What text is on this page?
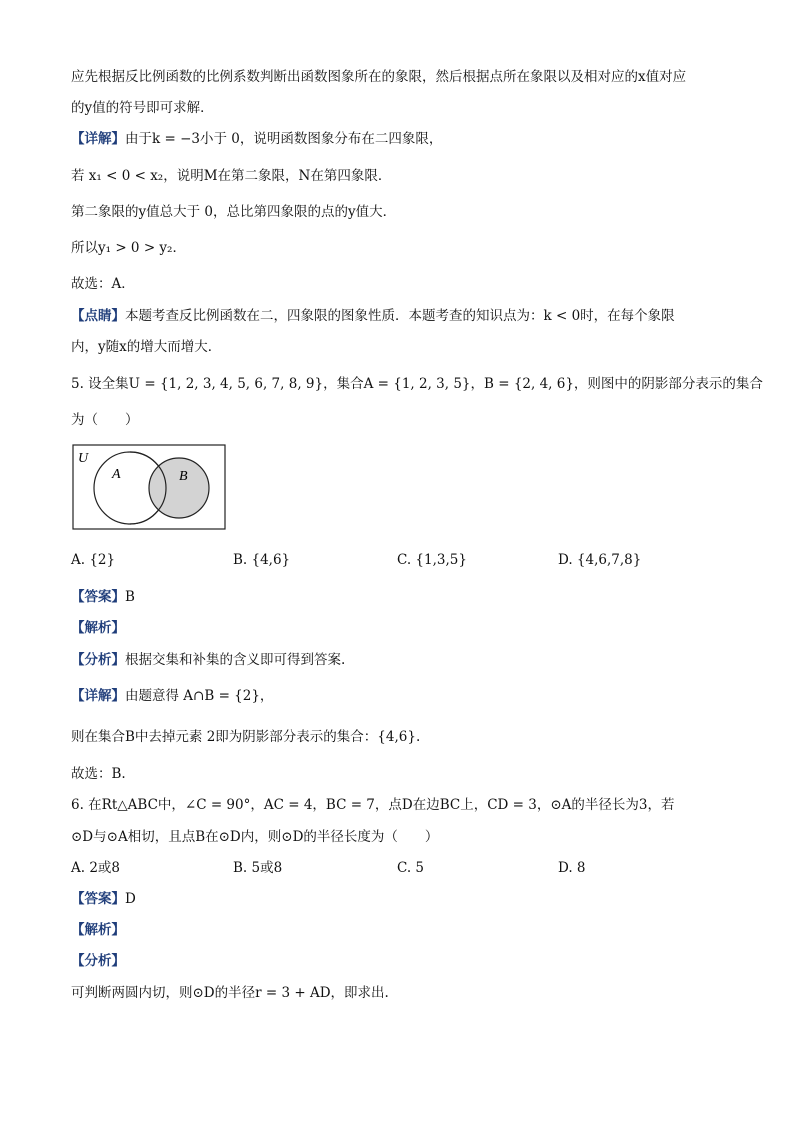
应先根据反比例函数的比例系数判断出函数图象所在的象限，然后根据点所在象限以及相对应的x值对应
的y值的符号即可求解．
【详解】由于k = −3小于 0，说明函数图象分布在二四象限，
若 x₁ < 0 < x₂，说明M在第二象限，N在第四象限．
第二象限的y值总大于 0，总比第四象限的点的y值大．
所以y₁ > 0 > y₂．
故选：A．
【点睛】本题考查反比例函数在二，四象限的图象性质．本题考查的知识点为：k < 0时，在每个象限
内，y随x的增大而增大．
5. 设全集U = {1, 2, 3, 4, 5, 6, 7, 8, 9}，集合A = {1, 2, 3, 5}，B = {2, 4, 6}，则图中的阴影部分表示的集合
为（　　）
U
A	B
A. {2}	B. {4,6}	C. {1,3,5}	D. {4,6,7,8}
【答案】B
【解析】
【分析】根据交集和补集的含义即可得到答案.
【详解】由题意得 A∩B = {2}，
则在集合B中去掉元素 2即为阴影部分表示的集合：{4,6}.
故选：B.
6. 在Rt△ABC中，∠C = 90°，AC = 4，BC = 7，点D在边BC上，CD = 3，⊙A的半径长为3，若
⊙D与⊙A相切，且点B在⊙D内，则⊙D的半径长度为（　　）
A. 2或8	B. 5或8	C. 5	D. 8
【答案】D
【解析】
【分析】
可判断两圆内切，则⊙D的半径r = 3 + AD，即求出.
